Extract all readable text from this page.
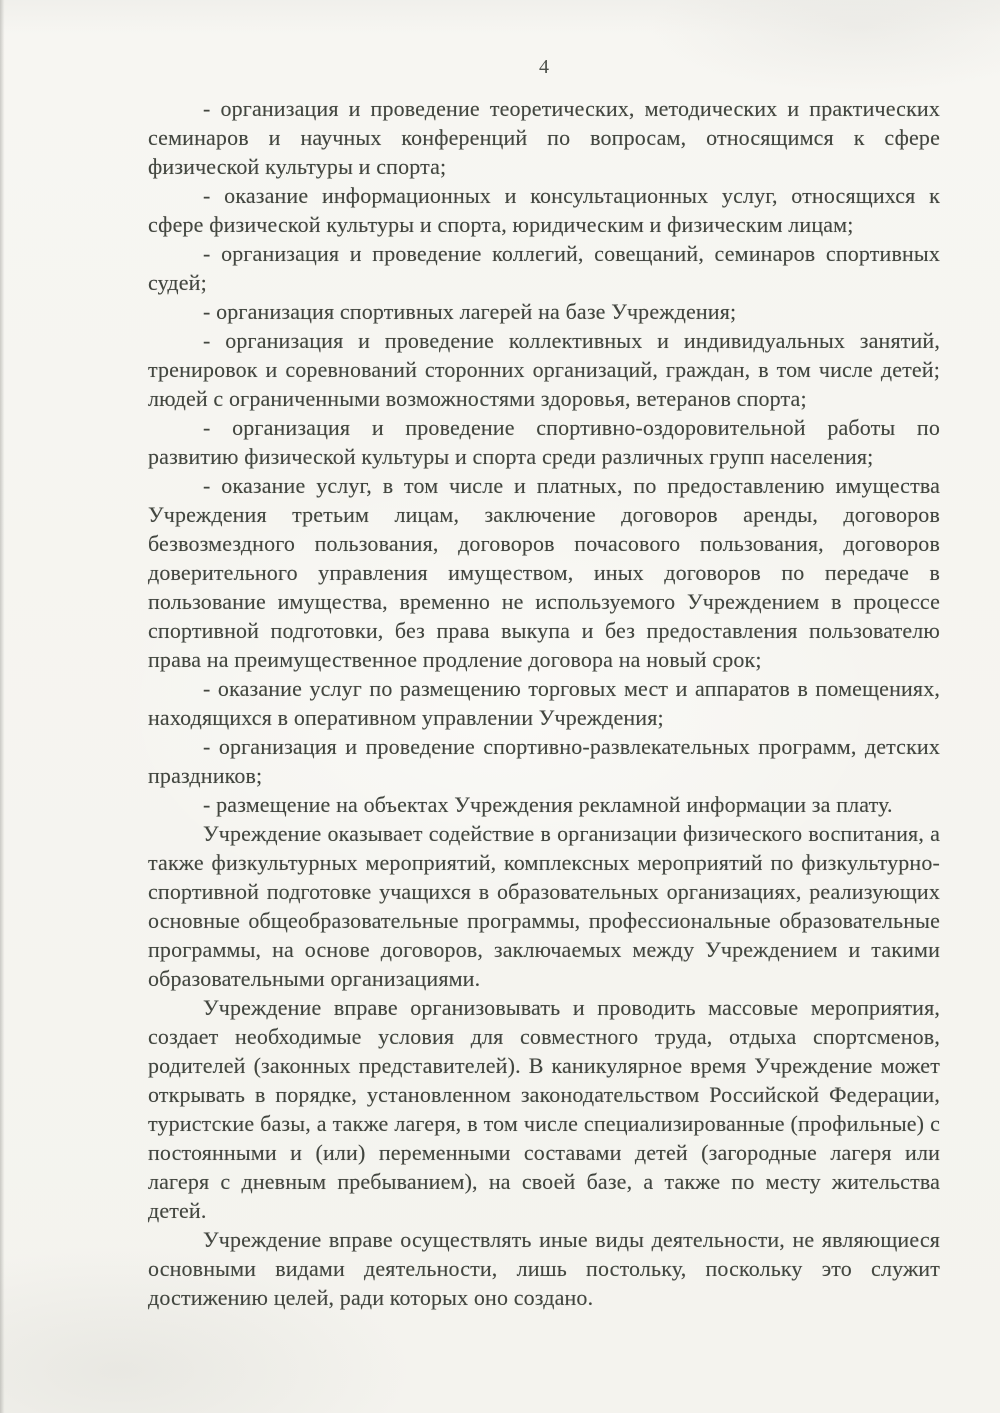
4

- организация и проведение теоретических, методических и практических семинаров и научных конференций по вопросам, относящимся к сфере физической культуры и спорта;

- оказание информационных и консультационных услуг, относящихся к сфере физической культуры и спорта, юридическим и физическим лицам;

- организация и проведение коллегий, совещаний, семинаров спортивных судей;

- организация спортивных лагерей на базе Учреждения;

- организация и проведение коллективных и индивидуальных занятий, тренировок и соревнований сторонних организаций, граждан, в том числе детей; людей с ограниченными возможностями здоровья, ветеранов спорта;

- организация и проведение спортивно-оздоровительной работы по развитию физической культуры и спорта среди различных групп населения;

- оказание услуг, в том числе и платных, по предоставлению имущества Учреждения третьим лицам, заключение договоров аренды, договоров безвозмездного пользования, договоров почасового пользования, договоров доверительного управления имуществом, иных договоров по передаче в пользование имущества, временно не используемого Учреждением в процессе спортивной подготовки, без права выкупа и без предоставления пользователю права на преимущественное продление договора на новый срок;

- оказание услуг по размещению торговых мест и аппаратов в помещениях, находящихся в оперативном управлении Учреждения;

- организация и проведение спортивно-развлекательных программ, детских праздников;

- размещение на объектах Учреждения рекламной информации за плату.

Учреждение оказывает содействие в организации физического воспитания, а также физкультурных мероприятий, комплексных мероприятий по физкультурно-спортивной подготовке учащихся в образовательных организациях, реализующих основные общеобразовательные программы, профессиональные образовательные программы, на основе договоров, заключаемых между Учреждением и такими образовательными организациями.

Учреждение вправе организовывать и проводить массовые мероприятия, создает необходимые условия для совместного труда, отдыха спортсменов, родителей (законных представителей). В каникулярное время Учреждение может открывать в порядке, установленном законодательством Российской Федерации, туристские базы, а также лагеря, в том числе специализированные (профильные) с постоянными и (или) переменными составами детей (загородные лагеря или лагеря с дневным пребыванием), на своей базе, а также по месту жительства детей.

Учреждение вправе осуществлять иные виды деятельности, не являющиеся основными видами деятельности, лишь постольку, поскольку это служит достижению целей, ради которых оно создано.
